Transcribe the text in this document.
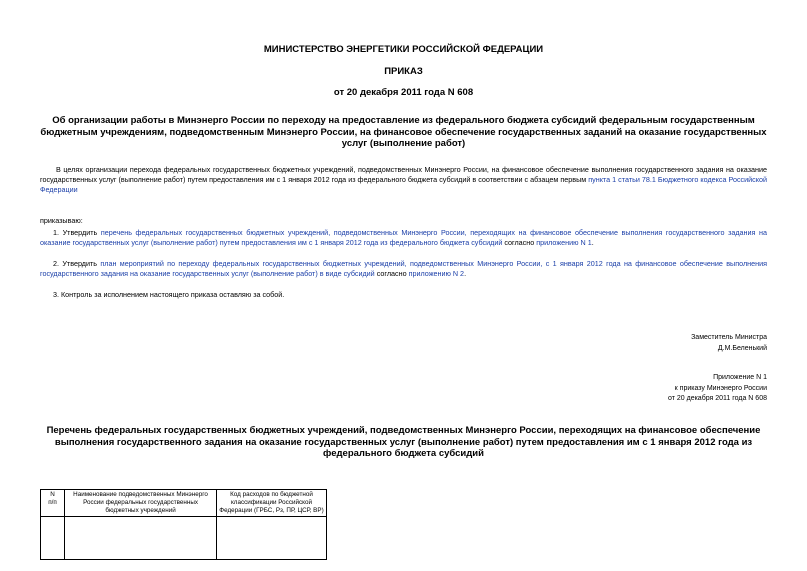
МИНИСТЕРСТВО ЭНЕРГЕТИКИ РОССИЙСКОЙ ФЕДЕРАЦИИ
ПРИКАЗ
от 20 декабря 2011 года N 608
Об организации работы в Минэнерго России по переходу на предоставление из федерального бюджета субсидий федеральным государственным бюджетным учреждениям, подведомственным Минэнерго России, на финансовое обеспечение государственных заданий на оказание государственных услуг (выполнение работ)
В целях организации перехода федеральных государственных бюджетных учреждений, подведомственных Минэнерго России, на финансовое обеспечение выполнения государственного задания на оказание государственных услуг (выполнение работ) путем предоставления им с 1 января 2012 года из федерального бюджета субсидий в соответствии с абзацем первым пункта 1 статьи 78.1 Бюджетного кодекса Российской Федерации
приказываю:
1. Утвердить перечень федеральных государственных бюджетных учреждений, подведомственных Минэнерго России, переходящих на финансовое обеспечение выполнения государственного задания на оказание государственных услуг (выполнение работ) путем предоставления им с 1 января 2012 года из федерального бюджета субсидий согласно приложению N 1.
2. Утвердить план мероприятий по переходу федеральных государственных бюджетных учреждений, подведомственных Минэнерго России, с 1 января 2012 года на финансовое обеспечение выполнения государственного задания на оказание государственных услуг (выполнение работ) в виде субсидий согласно приложению N 2.
3. Контроль за исполнением настоящего приказа оставляю за собой.
Заместитель Министра
Д.М.Беленький
Приложение N 1
к приказу Минэнерго России
от 20 декабря 2011 года N 608
Перечень федеральных государственных бюджетных учреждений, подведомственных Минэнерго России, переходящих на финансовое обеспечение выполнения государственного задания на оказание государственных услуг (выполнение работ) путем предоставления им с 1 января 2012 года из федерального бюджета субсидий
N
п/п	Наименование подведомственных Минэнерго России федеральных государственных бюджетных учреждений	Код расходов по бюджетной классификации Российской Федерации (ГРБС, Рз, ПР, ЦСР, ВР)
